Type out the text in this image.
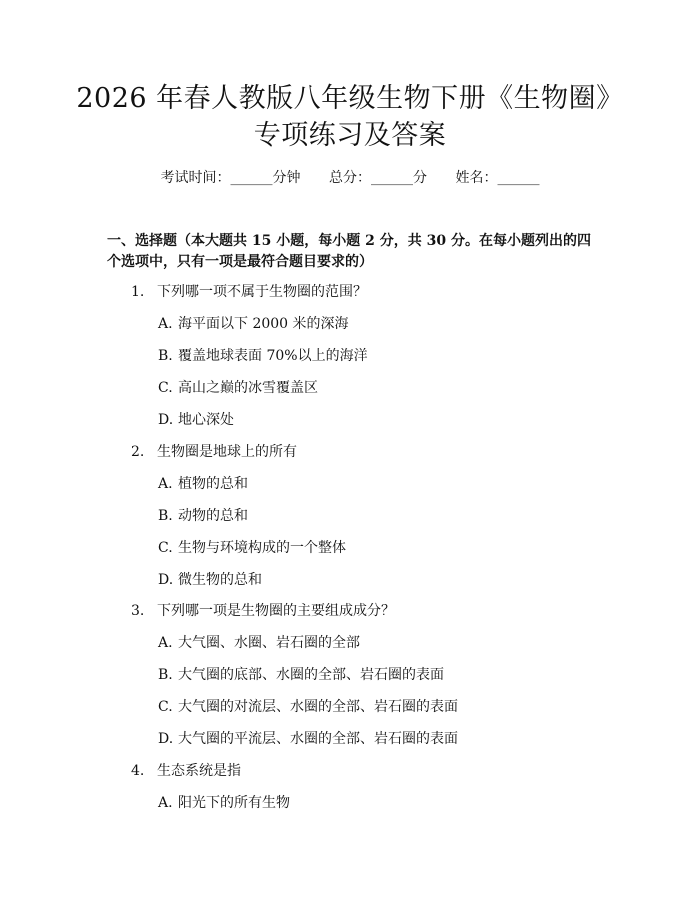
2026 年春人教版八年级生物下册《生物圈》
专项练习及答案
考试时间：______分钟 总分：______分 姓名：______
一、选择题（本大题共 15 小题，每小题 2 分，共 30 分。在每小题列出的四个选项中，只有一项是最符合题目要求的）
1. 下列哪一项不属于生物圈的范围？
A. 海平面以下 2000 米的深海
B. 覆盖地球表面 70%以上的海洋
C. 高山之巅的冰雪覆盖区
D. 地心深处
2. 生物圈是地球上的所有
A. 植物的总和
B. 动物的总和
C. 生物与环境构成的一个整体
D. 微生物的总和
3. 下列哪一项是生物圈的主要组成成分？
A. 大气圈、水圈、岩石圈的全部
B. 大气圈的底部、水圈的全部、岩石圈的表面
C. 大气圈的对流层、水圈的全部、岩石圈的表面
D. 大气圈的平流层、水圈的全部、岩石圈的表面
4. 生态系统是指
A. 阳光下的所有生物
